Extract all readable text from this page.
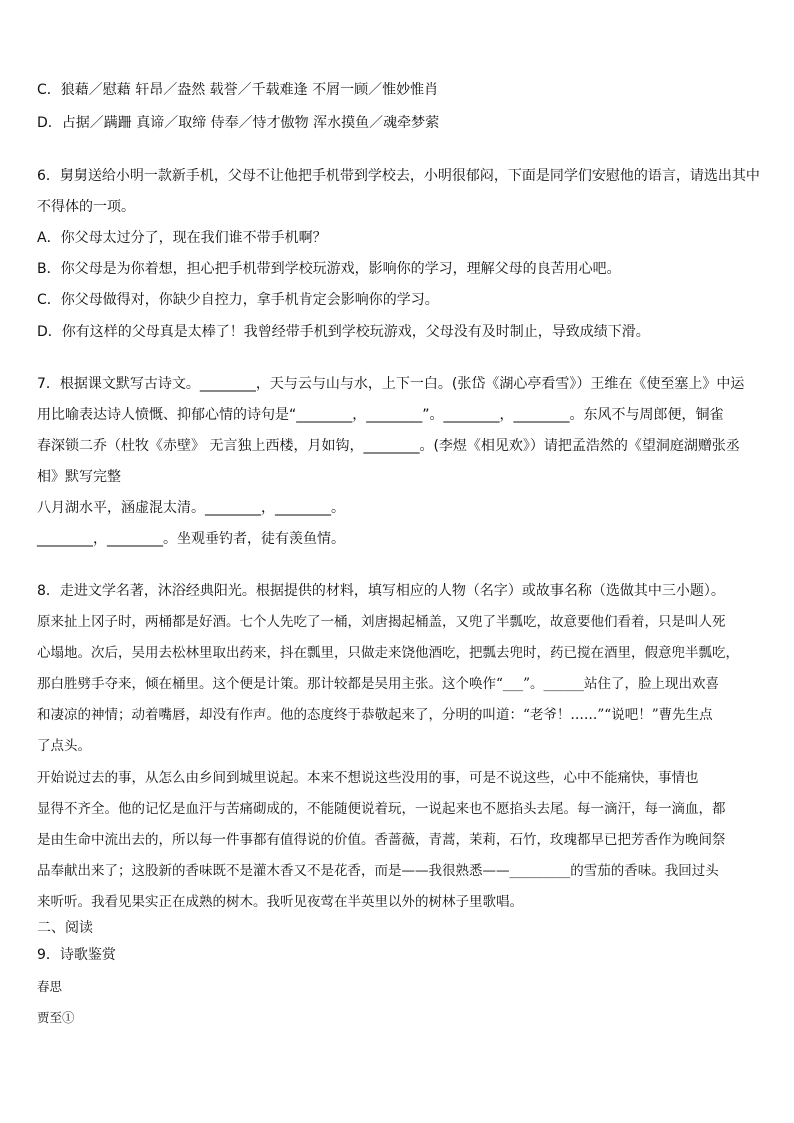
C．狼藉／慰藉 轩昂／盎然 载誉／千载难逢 不屑一顾／惟妙惟肖
D．占据／蹒跚 真谛／取缔 侍奉／恃才傲物 浑水摸鱼／魂牵梦萦
6．舅舅送给小明一款新手机，父母不让他把手机带到学校去，小明很郁闷，下面是同学们安慰他的语言，请选出其中
不得体的一项。
A．你父母太过分了，现在我们谁不带手机啊？
B．你父母是为你着想，担心把手机带到学校玩游戏，影响你的学习，理解父母的良苦用心吧。
C．你父母做得对，你缺少自控力，拿手机肯定会影响你的学习。
D．你有这样的父母真是太棒了！我曾经带手机到学校玩游戏，父母没有及时制止，导致成绩下滑。
7．根据课文默写古诗文。________，天与云与山与水，上下一白。(张岱《湖心亭看雪》）王维在《使至塞上》中运
用比喻表达诗人愤慨、抑郁心情的诗句是“________，________”。________，________。东风不与周郎便，铜雀
春深锁二乔（杜牧《赤壁》 无言独上西楼，月如钩，________。(李煜《相见欢》）请把孟浩然的《望洞庭湖赠张丞
相》默写完整
八月湖水平，涵虚混太清。________，________。
________，________。坐观垂钓者，徒有羡鱼情。
8．走进文学名著，沐浴经典阳光。根据提供的材料，填写相应的人物（名字）或故事名称（选做其中三小题）。
原来扯上冈子时，两桶都是好酒。七个人先吃了一桶，刘唐揭起桶盖，又兜了半瓢吃，故意要他们看着，只是叫人死
心塌地。次后，吴用去松林里取出药来，抖在瓢里，只做走来饶他酒吃，把瓢去兜时，药已搅在酒里，假意兜半瓢吃，
那白胜劈手夺来，倾在桶里。这个便是计策。那计较都是吴用主张。这个唤作“___”。______站住了，脸上现出欢喜
和凄凉的神情；动着嘴唇，却没有作声。他的态度终于恭敬起来了，分明的叫道：“老爷！……”“说吧！”曹先生点
了点头。
开始说过去的事，从怎么由乡间到城里说起。本来不想说这些没用的事，可是不说这些，心中不能痛快，事情也
显得不齐全。他的记忆是血汗与苦痛砌成的，不能随便说着玩，一说起来也不愿掐头去尾。每一滴汗，每一滴血，都
是由生命中流出去的，所以每一件事都有值得说的价值。香蔷薇，青蒿，茉莉，石竹，玫瑰都早已把芳香作为晚间祭
品奉献出来了；这股新的香味既不是灌木香又不是花香，而是——我很熟悉——_________的雪茄的香味。我回过头
来听听。我看见果实正在成熟的树木。我听见夜莺在半英里以外的树林子里歌唱。
二、阅读
9．诗歌鉴赏
春思
贾至①
